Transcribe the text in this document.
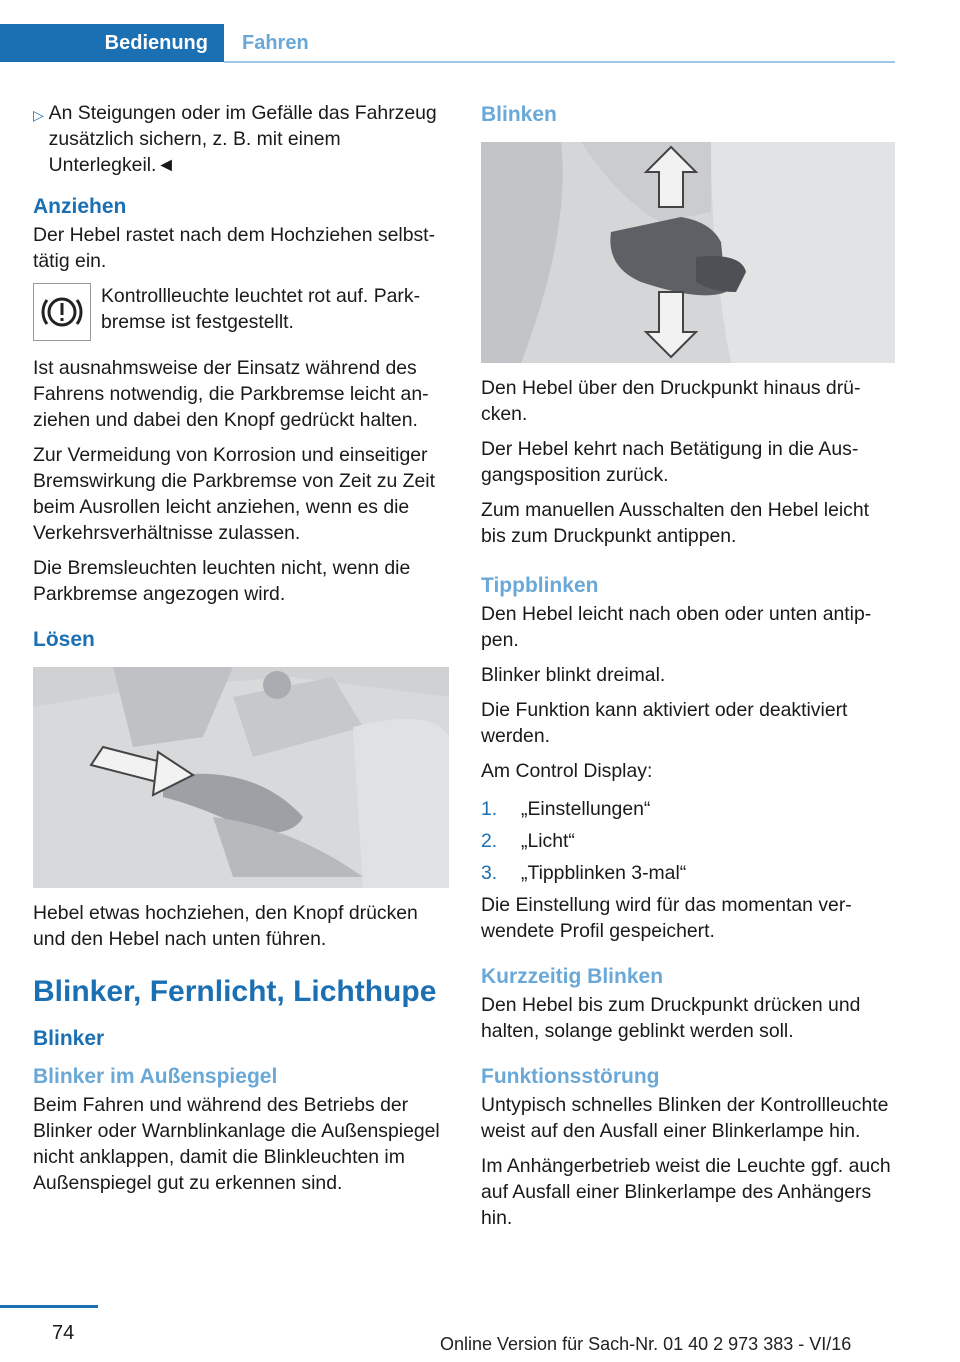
Bedienung	Fahren
▷ An Steigungen oder im Gefälle das Fahrzeug zusätzlich sichern, z. B. mit einem Unterlegkeil.◄

Anziehen

Der Hebel rastet nach dem Hochziehen selbsttätig ein.

Kontrollleuchte leuchtet rot auf. Parkbremse ist festgestellt.

Ist ausnahmsweise der Einsatz während des Fahrens notwendig, die Parkbremse leicht anziehen und dabei den Knopf gedrückt halten.

Zur Vermeidung von Korrosion und einseitiger Bremswirkung die Parkbremse von Zeit zu Zeit beim Ausrollen leicht anziehen, wenn es die Verkehrsverhältnisse zulassen.

Die Bremsleuchten leuchten nicht, wenn die Parkbremse angezogen wird.

Lösen

Hebel etwas hochziehen, den Knopf drücken und den Hebel nach unten führen.

Blinker, Fernlicht, Lichthupe
Blinker
Blinker im Außenspiegel

Beim Fahren und während des Betriebs der Blinker oder Warnblinkanlage die Außenspiegel nicht anklappen, damit die Blinkleuchten im Außenspiegel gut zu erkennen sind.

Blinken

Den Hebel über den Druckpunkt hinaus drücken.

Der Hebel kehrt nach Betätigung in die Ausgangsposition zurück.

Zum manuellen Ausschalten den Hebel leicht bis zum Druckpunkt antippen.

Tippblinken

Den Hebel leicht nach oben oder unten antippen.

Blinker blinkt dreimal.

Die Funktion kann aktiviert oder deaktiviert werden.

Am Control Display:

1.	„Einstellungen“
2.	„Licht“
3.	„Tippblinken 3-mal“

Die Einstellung wird für das momentan verwendete Profil gespeichert.

Kurzzeitig Blinken

Den Hebel bis zum Druckpunkt drücken und halten, solange geblinkt werden soll.

Funktionsstörung

Untypisch schnelles Blinken der Kontrollleuchte weist auf den Ausfall einer Blinkerlampe hin.

Im Anhängerbetrieb weist die Leuchte ggf. auch auf Ausfall einer Blinkerlampe des Anhängers hin.

74	Online Version für Sach-Nr. 01 40 2 973 383 - VI/16
